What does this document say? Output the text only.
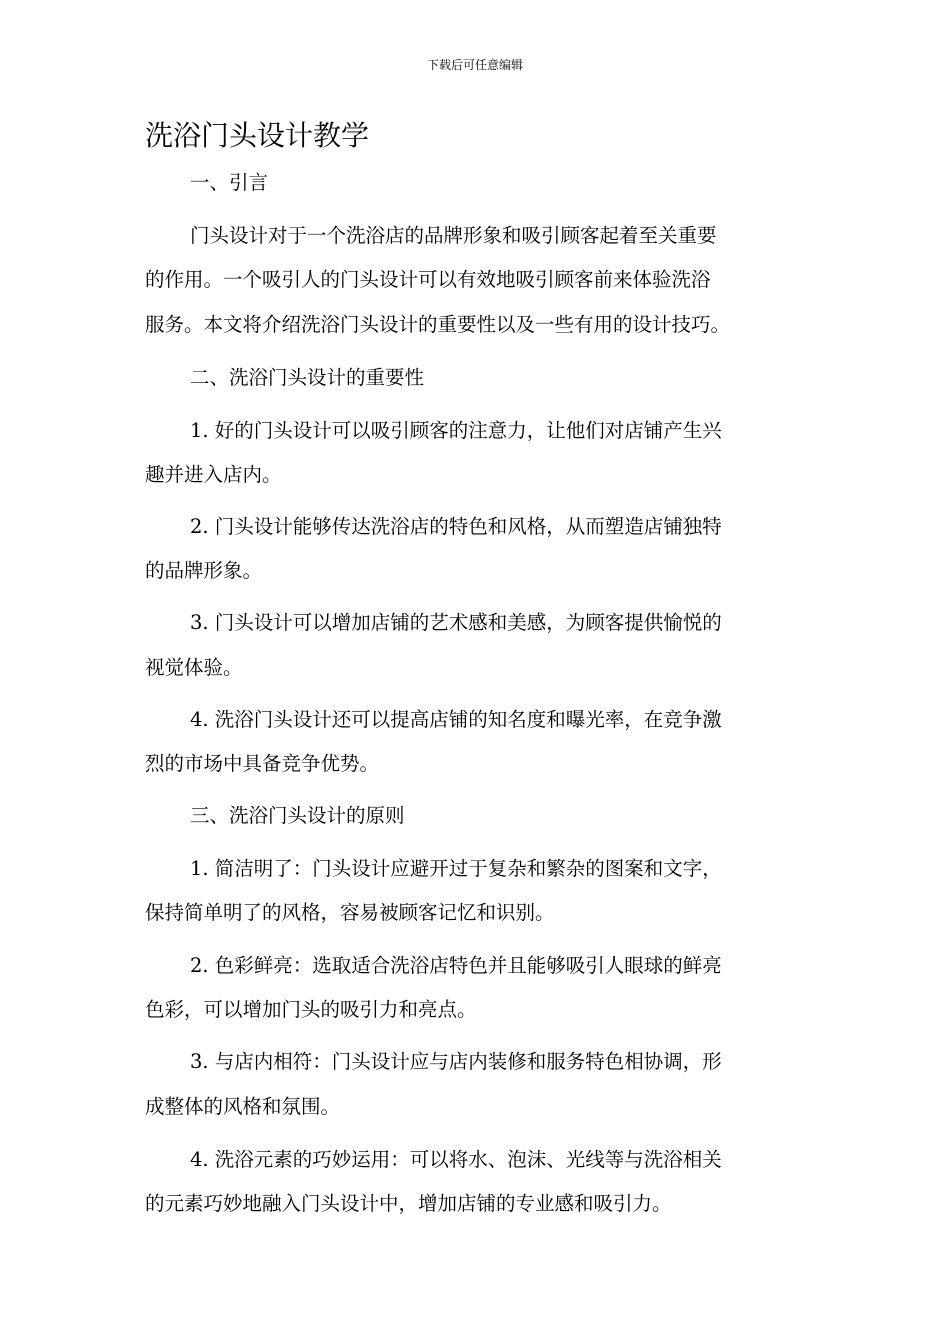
下载后可任意编辑
洗浴门头设计教学

一、引言

门头设计对于一个洗浴店的品牌形象和吸引顾客起着至关重要

的作用。一个吸引人的门头设计可以有效地吸引顾客前来体验洗浴

服务。本文将介绍洗浴门头设计的重要性以及一些有用的设计技巧。

二、洗浴门头设计的重要性

1. 好的门头设计可以吸引顾客的注意力，让他们对店铺产生兴

趣并进入店内。

2. 门头设计能够传达洗浴店的特色和风格，从而塑造店铺独特

的品牌形象。

3. 门头设计可以增加店铺的艺术感和美感，为顾客提供愉悦的

视觉体验。

4. 洗浴门头设计还可以提高店铺的知名度和曝光率，在竞争激

烈的市场中具备竞争优势。

三、洗浴门头设计的原则

1. 简洁明了：门头设计应避开过于复杂和繁杂的图案和文字，

保持简单明了的风格，容易被顾客记忆和识别。

2. 色彩鲜亮：选取适合洗浴店特色并且能够吸引人眼球的鲜亮

色彩，可以增加门头的吸引力和亮点。

3. 与店内相符：门头设计应与店内装修和服务特色相协调，形

成整体的风格和氛围。

4. 洗浴元素的巧妙运用：可以将水、泡沫、光线等与洗浴相关

的元素巧妙地融入门头设计中，增加店铺的专业感和吸引力。
